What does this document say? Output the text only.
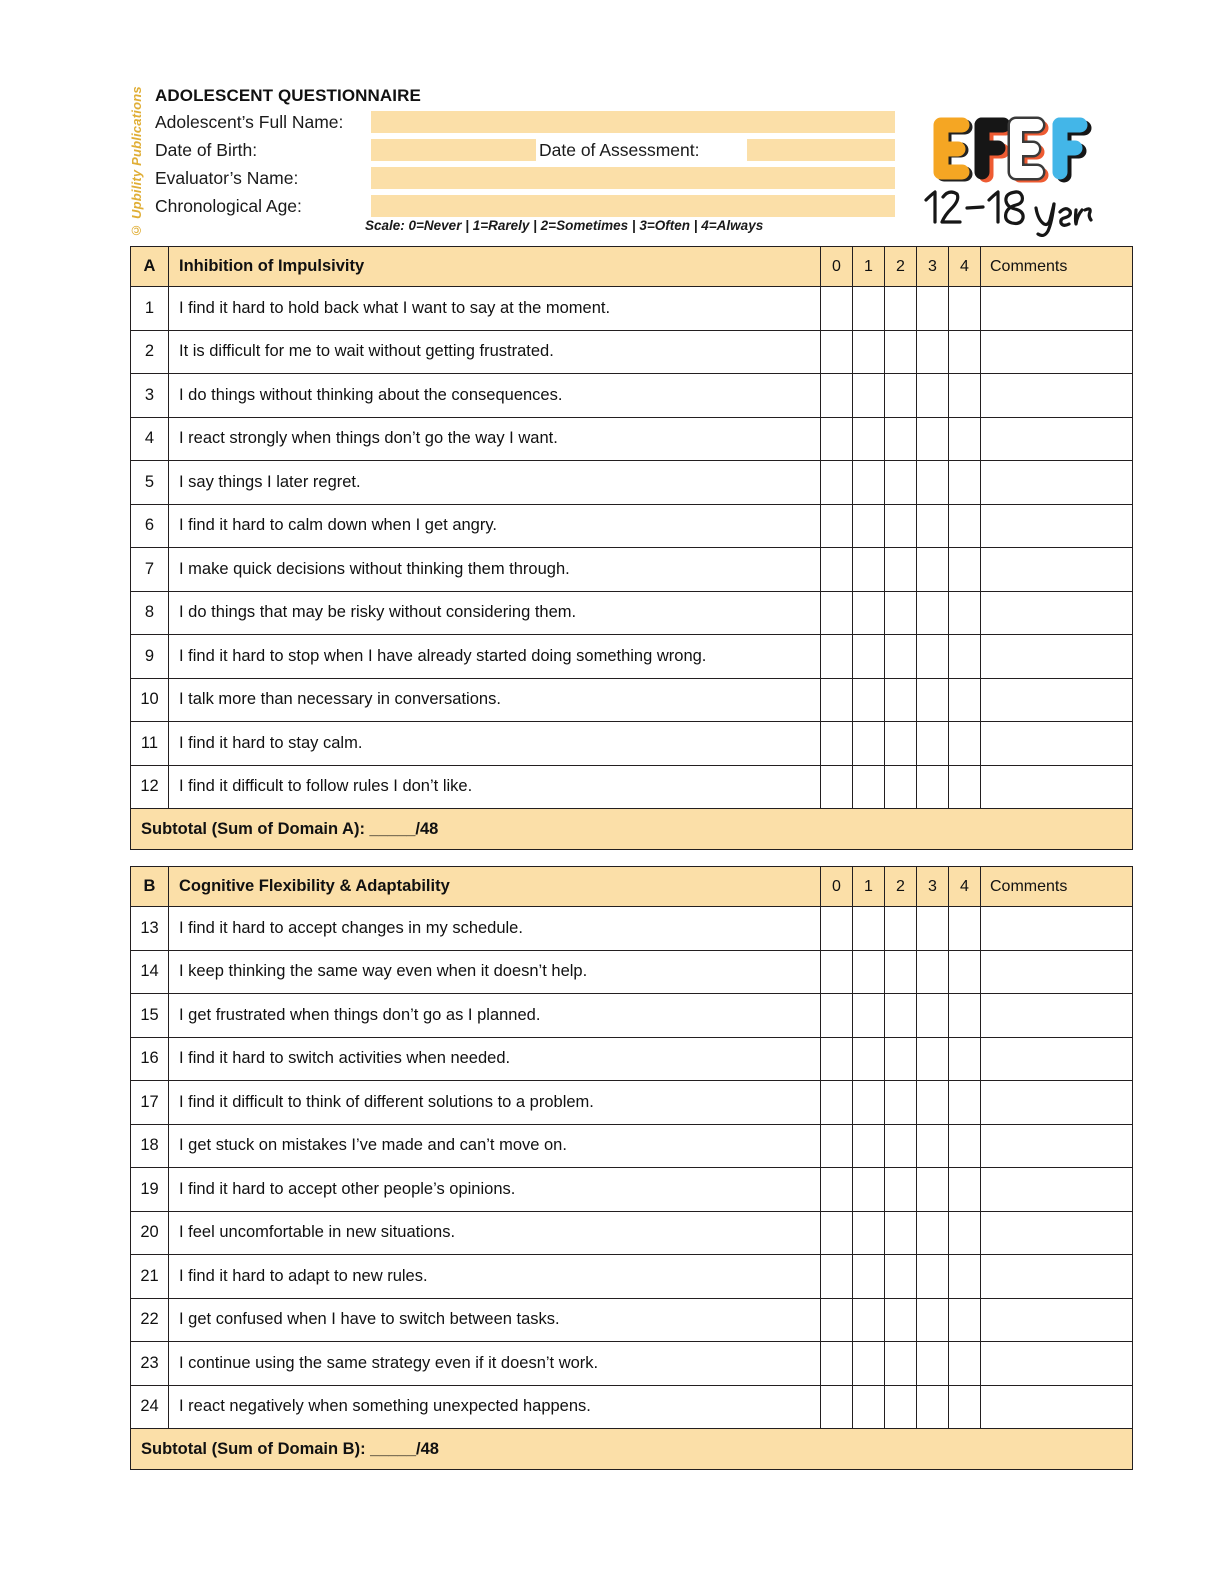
© Upbility Publications ADOLESCENT QUESTIONNAIRE
Adolescent’s Full Name:
Date of Birth:	Date of Assessment:
Evaluator’s Name:
Chronological Age:
Scale: 0=Never | 1=Rarely | 2=Sometimes | 3=Often | 4=Always
A	Inhibition of Impulsivity	0	1	2	3	4	Comments
1	I find it hard to hold back what I want to say at the moment.						
2	It is difficult for me to wait without getting frustrated.						
3	I do things without thinking about the consequences.						
4	I react strongly when things don’t go the way I want.						
5	I say things I later regret.						
6	I find it hard to calm down when I get angry.						
7	I make quick decisions without thinking them through.						
8	I do things that may be risky without considering them.						
9	I find it hard to stop when I have already started doing something wrong.						
10	I talk more than necessary in conversations.						
11	I find it hard to stay calm.						
12	I find it difficult to follow rules I don’t like.						
Subtotal (Sum of Domain A): _____/48							
B	Cognitive Flexibility & Adaptability	0	1	2	3	4	Comments
13	I find it hard to accept changes in my schedule.						
14	I keep thinking the same way even when it doesn’t help.						
15	I get frustrated when things don’t go as I planned.						
16	I find it hard to switch activities when needed.						
17	I find it difficult to think of different solutions to a problem.						
18	I get stuck on mistakes I’ve made and can’t move on.						
19	I find it hard to accept other people’s opinions.						
20	I feel uncomfortable in new situations.						
21	I find it hard to adapt to new rules.						
22	I get confused when I have to switch between tasks.						
23	I continue using the same strategy even if it doesn’t work.						
24	I react negatively when something unexpected happens.						
Subtotal (Sum of Domain B): _____/48							
